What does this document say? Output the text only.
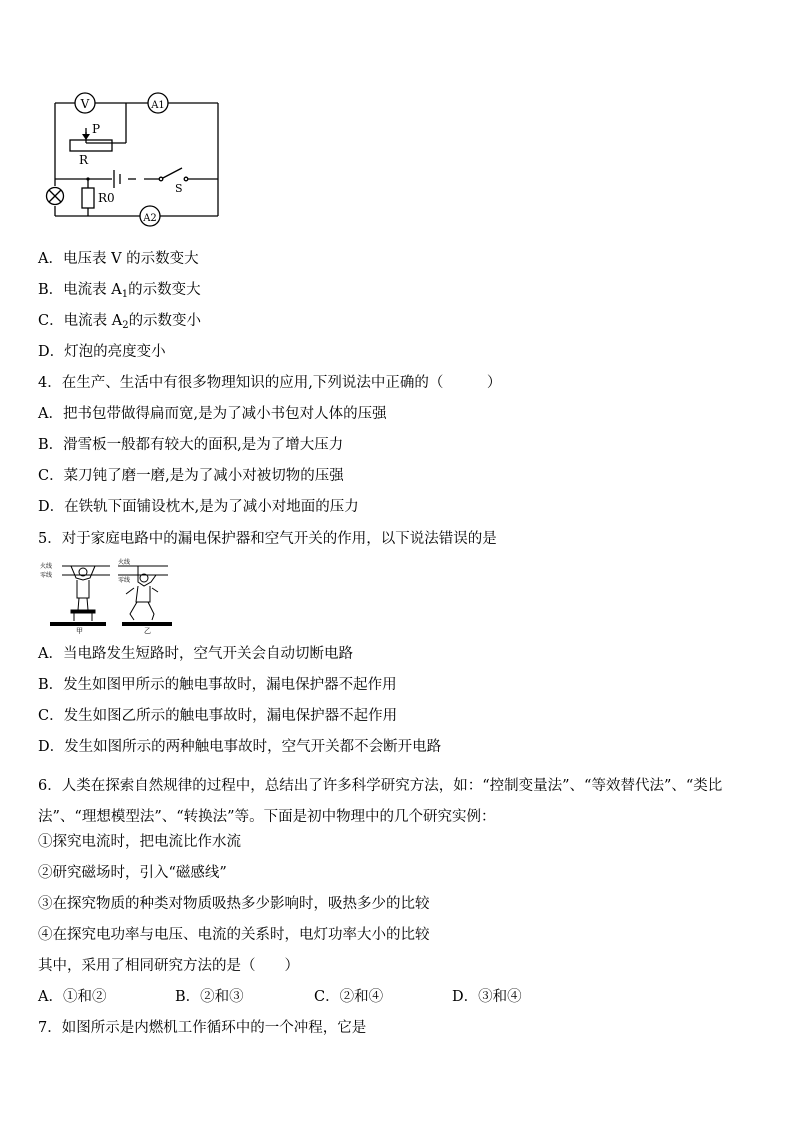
V	A1
A2
P
R
R0
S
A．电压表 V 的示数变大
B．电流表 $A_1$的示数变大
C．电流表 $A_2$的示数变小
D．灯泡的亮度变小
4．在生产、生活中有很多物理知识的应用,下列说法中正确的（　　　）
A．把书包带做得扁而宽,是为了减小书包对人体的压强
B．滑雪板一般都有较大的面积,是为了增大压力
C．菜刀钝了磨一磨,是为了减小对被切物的压强
D．在铁轨下面铺设枕木,是为了减小对地面的压力
5．对于家庭电路中的漏电保护器和空气开关的作用，以下说法错误的是
火线
零线
火线
零线
甲	乙
A．当电路发生短路时，空气开关会自动切断电路
B．发生如图甲所示的触电事故时，漏电保护器不起作用
C．发生如图乙所示的触电事故时，漏电保护器不起作用
D．发生如图所示的两种触电事故时，空气开关都不会断开电路
6．人类在探索自然规律的过程中，总结出了许多科学研究方法，如：“控制变量法”、“等效替代法”、“类比法”、“理想模型法”、“转换法”等。下面是初中物理中的几个研究实例：
①探究电流时，把电流比作水流
②研究磁场时，引入“磁感线”
③在探究物质的种类对物质吸热多少影响时，吸热多少的比较
④在探究电功率与电压、电流的关系时，电灯功率大小的比较
其中，采用了相同研究方法的是（　　）
A．①和②	B．②和③	C．②和④	D．③和④
7．如图所示是内燃机工作循环中的一个冲程，它是
